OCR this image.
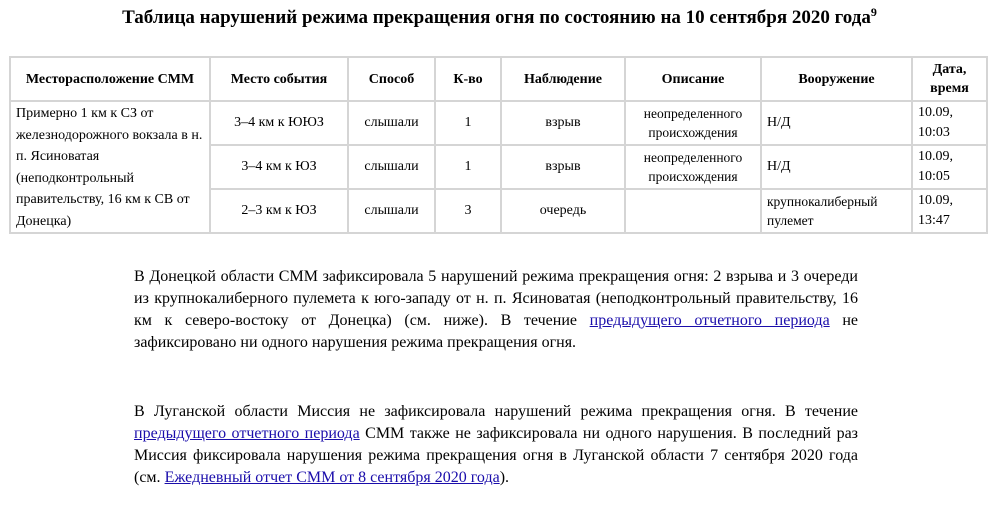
Таблица нарушений режима прекращения огня по состоянию на 10 сентября 2020 года$^9$
Месторасположение СММ	Место события	Способ	К-во	Наблюдение	Описание	Вооружение	Дата, время
Примерно 1 км к СЗ от железнодорожного вокзала в н. п. Ясиноватая (неподконтрольный правительству, 16 км к СВ от Донецка)	3–4 км к ЮЮЗ	слышали	1	взрыв	неопределенного происхождения	Н/Д	10.09,
10:03
	3–4 км к ЮЗ	слышали	1	взрыв	неопределенного происхождения	Н/Д	10.09,
10:05
	2–3 км к ЮЗ	слышали	3	очередь		крупнокалиберный пулемет	10.09,
13:47
В Донецкой области СММ зафиксировала 5 нарушений режима прекращения огня: 2 взрыва и 3 очереди из крупнокалиберного пулемета к юго-западу от н. п. Ясиноватая (неподконтрольный правительству, 16 км к северо-востоку от Донецка) (см. ниже). В течение предыдущего отчетного периода не зафиксировано ни одного нарушения режима прекращения огня.
В Луганской области Миссия не зафиксировала нарушений режима прекращения огня. В течение предыдущего отчетного периода СММ также не зафиксировала ни одного нарушения. В последний раз Миссия фиксировала нарушения режима прекращения огня в Луганской области 7 сентября 2020 года (см. Ежедневный отчет СММ от 8 сентября 2020 года).
